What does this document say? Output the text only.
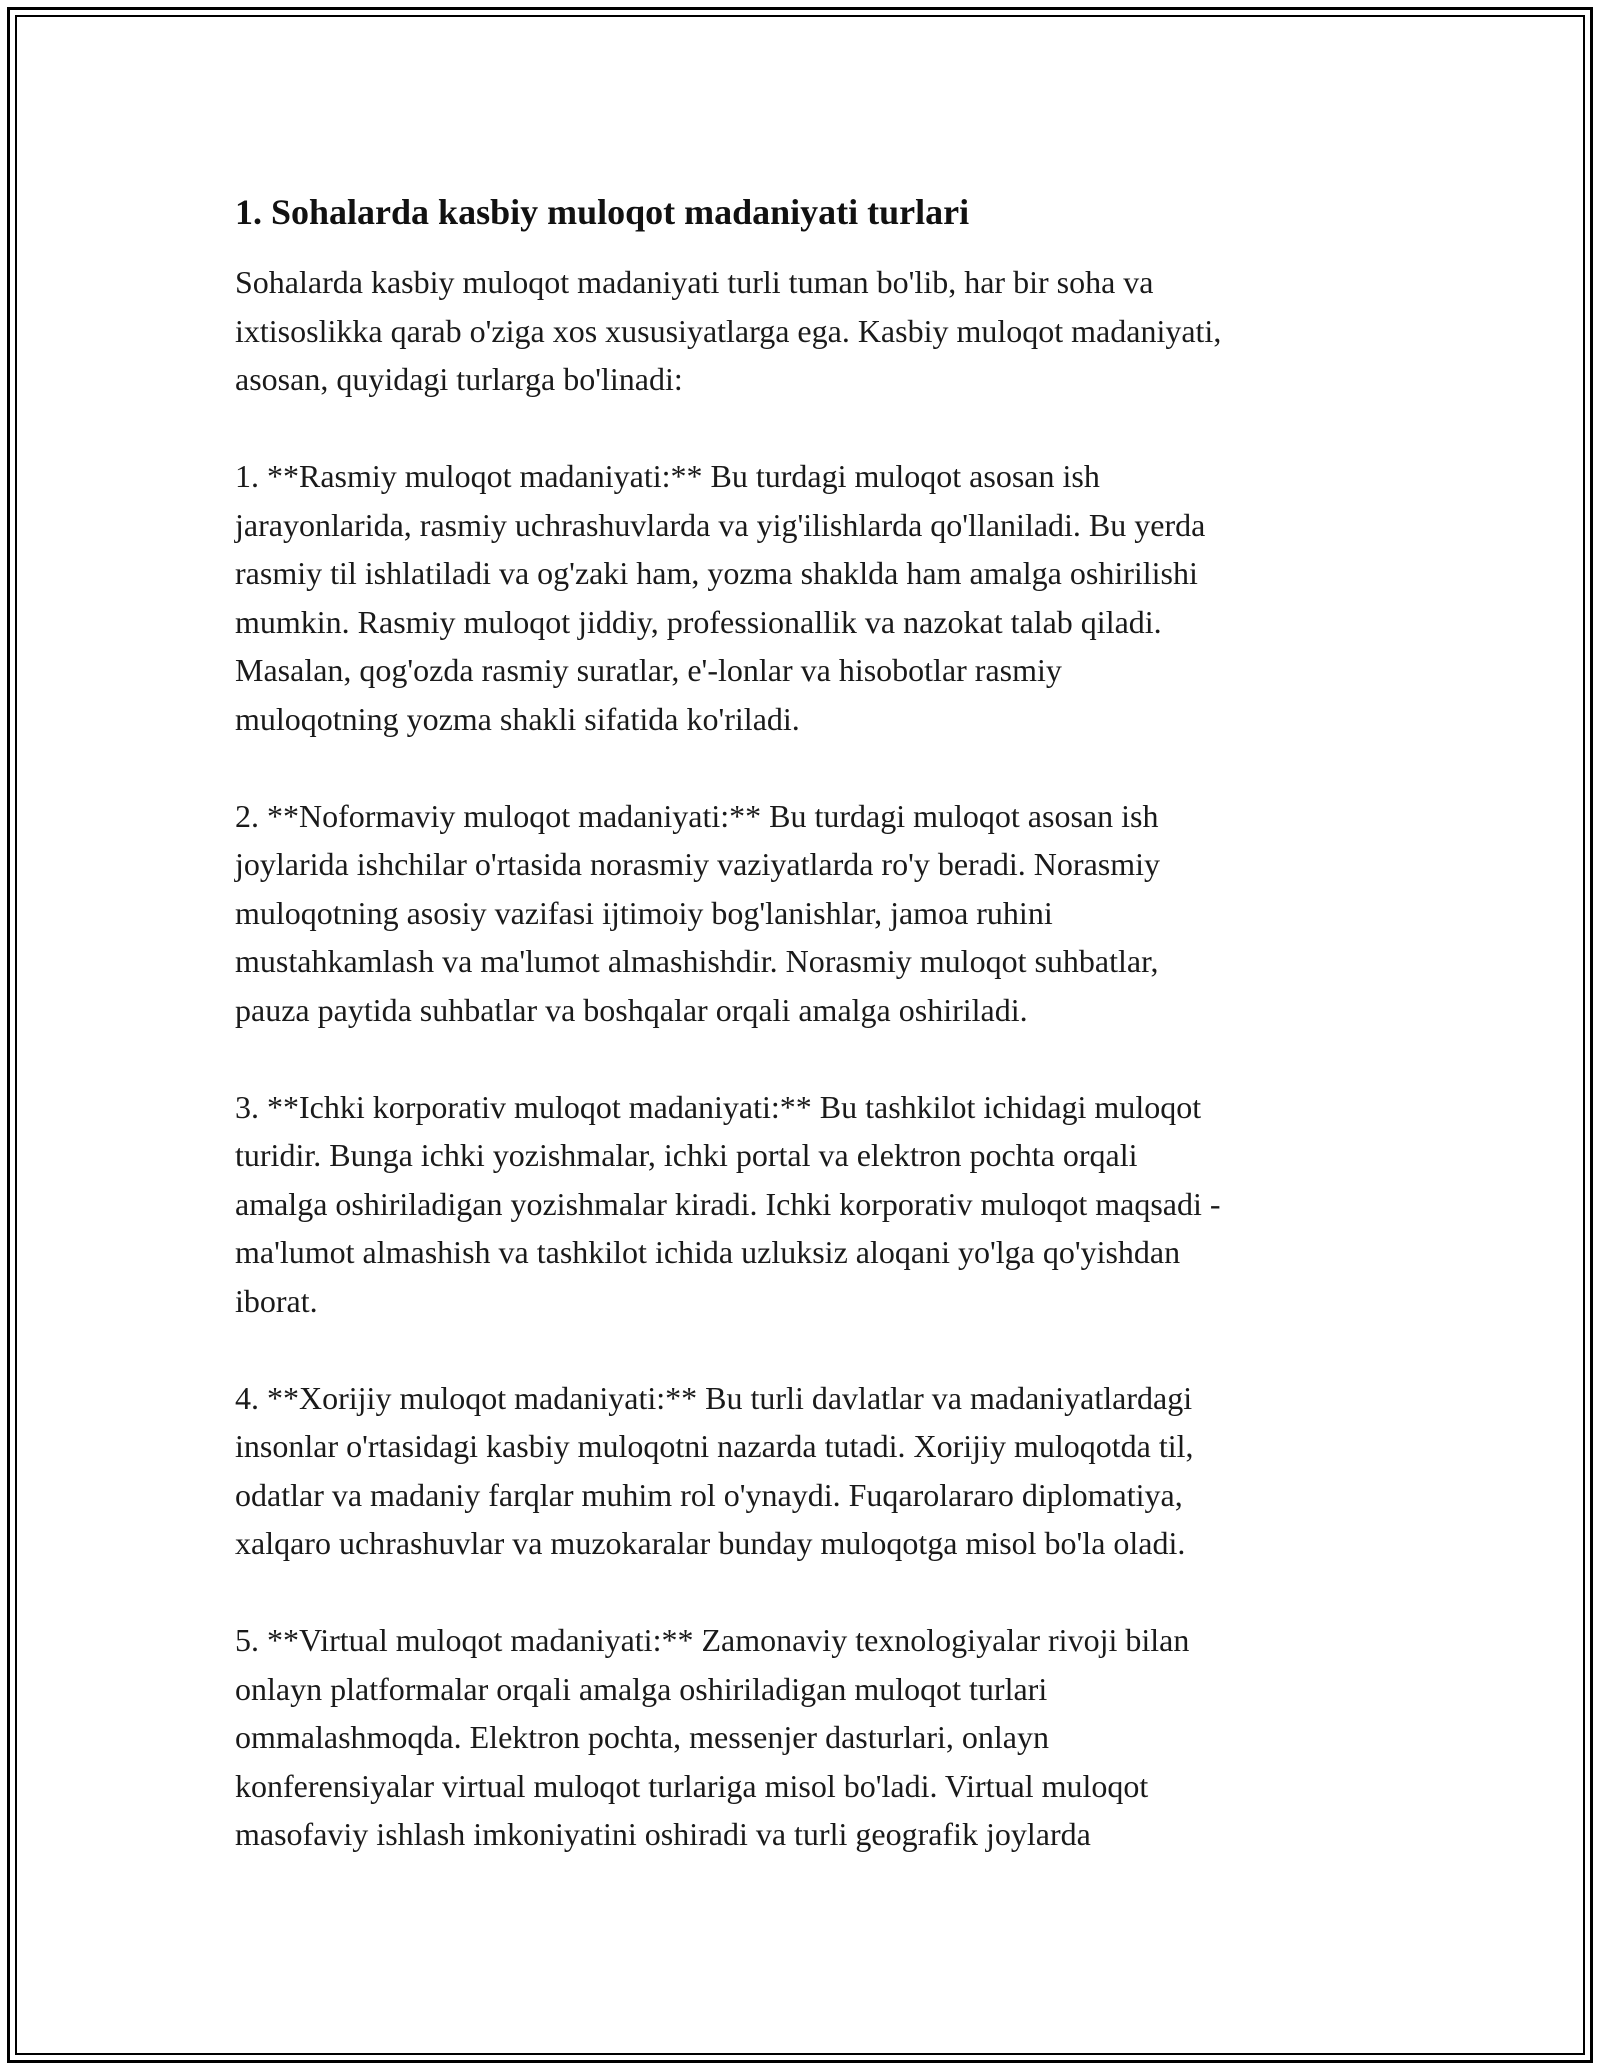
1. Sohalarda kasbiy muloqot madaniyati turlari

Sohalarda kasbiy muloqot madaniyati turli tuman bo'lib, har bir soha va
ixtisoslikka qarab o'ziga xos xususiyatlarga ega. Kasbiy muloqot madaniyati,
asosan, quyidagi turlarga bo'linadi:

1. **Rasmiy muloqot madaniyati:** Bu turdagi muloqot asosan ish
jarayonlarida, rasmiy uchrashuvlarda va yig'ilishlarda qo'llaniladi. Bu yerda
rasmiy til ishlatiladi va og'zaki ham, yozma shakldа ham amalga oshirilishi
mumkin. Rasmiy muloqot jiddiy, professionallik va nazokat talab qiladi.
Masalan, qog'ozda rasmiy suratlar, e'-lonlar va hisobotlar rasmiy
muloqotning yozma shakli sifatida ko'riladi.

2. **Noformaviy muloqot madaniyati:** Bu turdagi muloqot asosan ish
joylarida ishchilar o'rtasida norasmiy vaziyatlarda ro'y beradi. Norasmiy
muloqotning asosiy vazifasi ijtimoiy bog'lanishlar, jamoa ruhini
mustahkamlash va ma'lumot almashishdir. Norasmiy muloqot suhbatlar,
pauza paytida suhbatlar va boshqalar orqali amalga oshiriladi.

3. **Ichki korporativ muloqot madaniyati:** Bu tashkilot ichidagi muloqot
turidir. Bunga ichki yozishmalar, ichki portal va elektron pochta orqali
amalga oshiriladigan yozishmalar kiradi. Ichki korporativ muloqot maqsadi -
ma'lumot almashish va tashkilot ichida uzluksiz aloqani yo'lga qo'yishdan
iborat.

4. **Xorijiy muloqot madaniyati:** Bu turli davlatlar va madaniyatlardagi
insonlar o'rtasidagi kasbiy muloqotni nazarda tutadi. Xorijiy muloqotda til,
odatlar va madaniy farqlar muhim rol o'ynaydi. Fuqarolararo diplomatiya,
xalqaro uchrashuvlar va muzokaralar bunday muloqotga misol bo'la oladi.

5. **Virtual muloqot madaniyati:** Zamonaviy texnologiyalar rivoji bilan
onlayn platformalar orqali amalga oshiriladigan muloqot turlari
ommalashmoqda. Elektron pochta, messenjer dasturlari, onlayn
konferensiyalar virtual muloqot turlariga misol bo'ladi. Virtual muloqot
masofaviy ishlash imkoniyatini oshiradi va turli geografik joylarda
